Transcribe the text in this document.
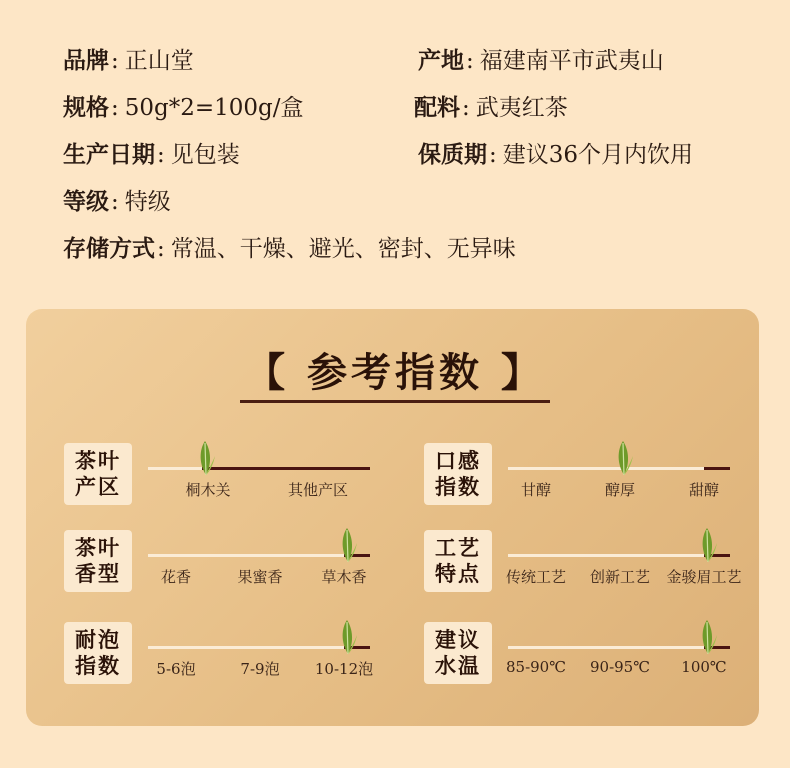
品牌: 正山堂	产地: 福建南平市武夷山
规格: 50g*2=100g/盒	配料: 武夷红茶
生产日期: 见包装	保质期: 建议36个月内饮用
等级: 特级
存储方式: 常温、干燥、避光、密封、无异味
【 参考指数 】
茶叶
产区	桐木关	其他产区
口感
指数	甘醇	醇厚	甜醇
茶叶
香型	花香	果蜜香	草木香
工艺
特点	传统工艺 创新工艺 金骏眉工艺
耐泡
指数	5-6泡	7-9泡 10-12泡
建议
水温	85-90℃ 90-95℃ 100℃
